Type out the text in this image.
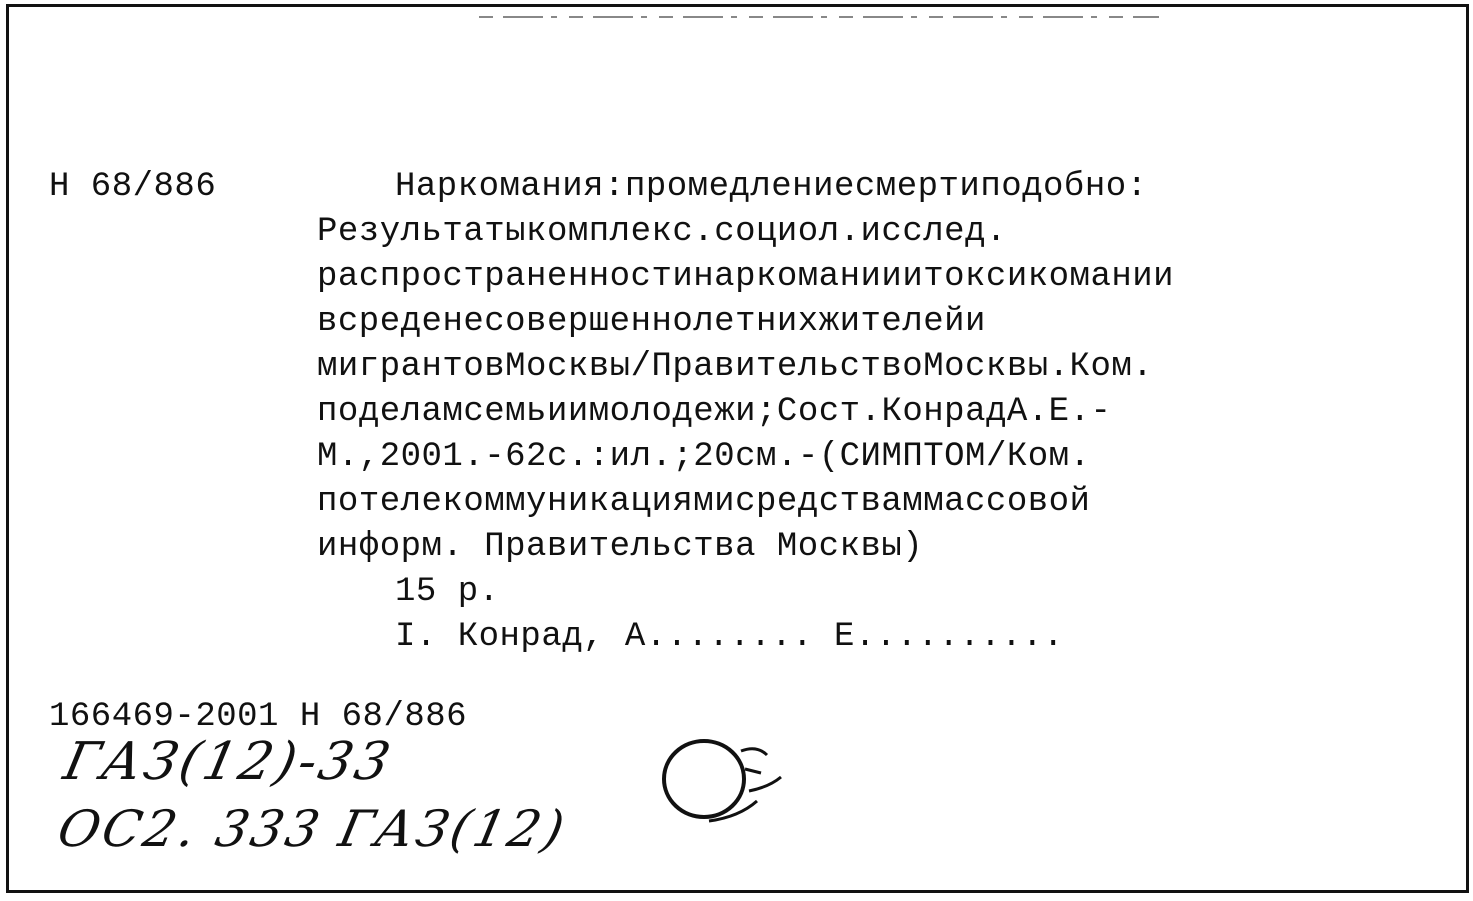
Н 68/886	Наркомания:промедлениесмертиподобно:
Результатыкомплекс.социол.исслед.
распространенностинаркоманииитоксикомании
всреденесовершеннолетнихжителейи
мигрантовМосквы/ПравительствоМосквы.Ком.
поделамсемьиимолодежи;Сост.КонрадА.Е.-
М.,2001.-62с.:ил.;20см.-(СИМПТОМ/Ком.
потелекоммуникациямисредстваммассовой
информ. Правительства Москвы)
15 р.
I. Конрад, А........ Е..........
166469-2001 Н 68/886
ГАЗ(12)-33
ОС2. 333 ГАЗ(12)
